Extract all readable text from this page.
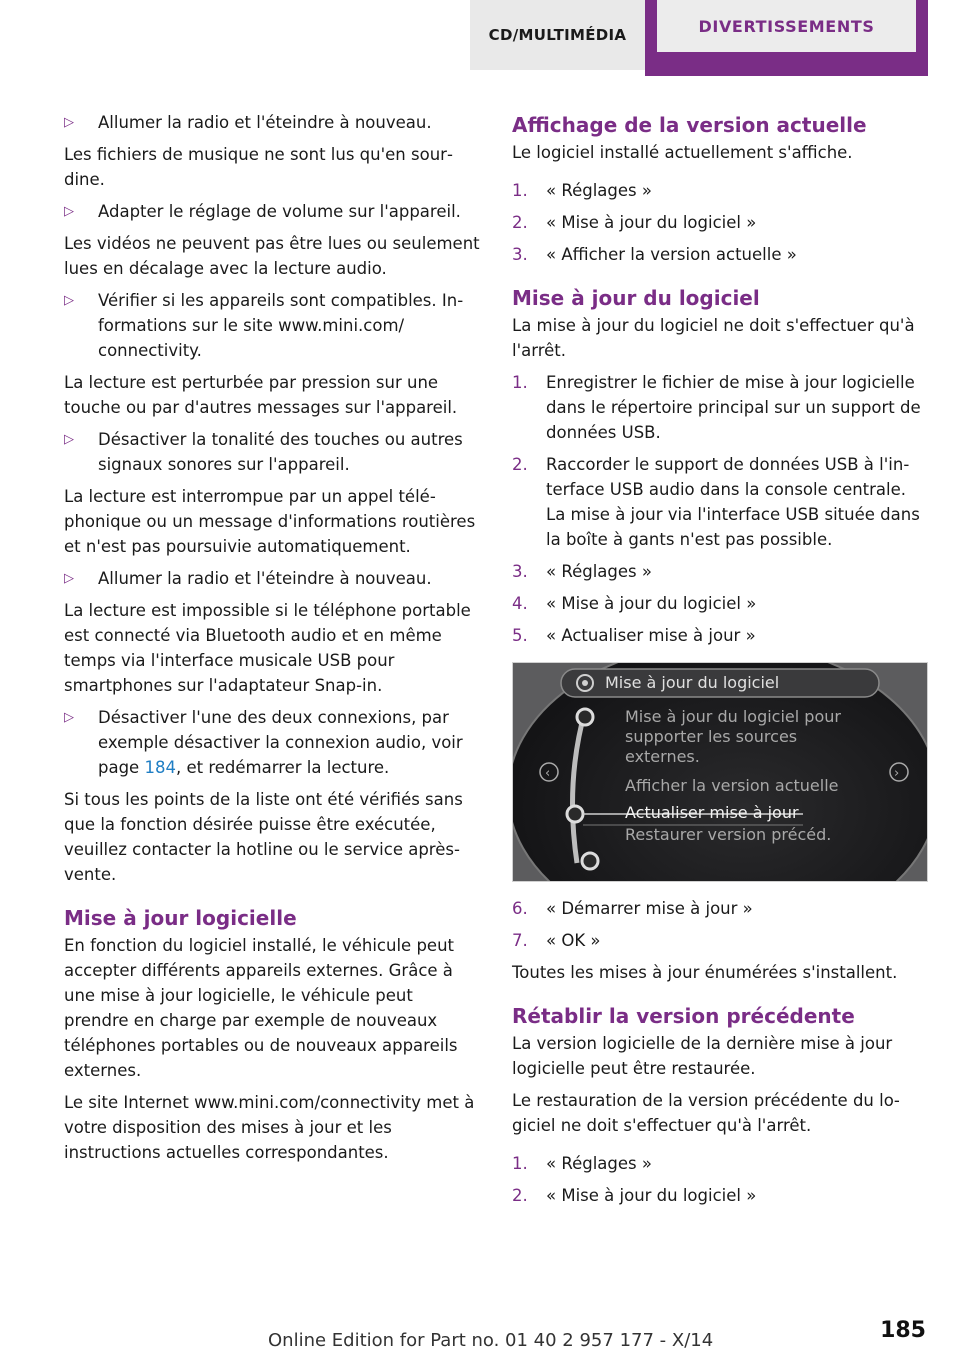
CD/MULTIMÉDIA	DIVERTISSEMENTS
▷ Allumer la radio et l'éteindre à nouveau.

Les fichiers de musique ne sont lus qu'en sourdine.

▷ Adapter le réglage de volume sur l'appareil.

Les vidéos ne peuvent pas être lues ou seulement lues en décalage avec la lecture audio.

▷ Vérifier si les appareils sont compatibles. Informations sur le site www.mini.com/ connectivity.

La lecture est perturbée par pression sur une touche ou par d'autres messages sur l'appareil.

▷ Désactiver la tonalité des touches ou autres signaux sonores sur l'appareil.

La lecture est interrompue par un appel téléphonique ou un message d'informations routières et n'est pas poursuivie automatiquement.

▷ Allumer la radio et l'éteindre à nouveau.

La lecture est impossible si le téléphone portable est connecté via Bluetooth audio et en même temps via l'interface musicale USB pour smartphones sur l'adaptateur Snap-in.

▷ Désactiver l'une des deux connexions, par exemple désactiver la connexion audio, voir page 184, et redémarrer la lecture.

Si tous les points de la liste ont été vérifiés sans que la fonction désirée puisse être exécutée, veuillez contacter la hotline ou le service après-vente.

Mise à jour logicielle

En fonction du logiciel installé, le véhicule peut accepter différents appareils externes. Grâce à une mise à jour logicielle, le véhicule peut prendre en charge par exemple de nouveaux téléphones portables ou de nouveaux appareils externes.

Le site Internet www.mini.com/connectivity met à votre disposition des mises à jour et les instructions actuelles correspondantes.

Affichage de la version actuelle

Le logiciel installé actuellement s'affiche.

1. « Réglages »
2. « Mise à jour du logiciel »
3. « Afficher la version actuelle »
Mise à jour du logiciel

La mise à jour du logiciel ne doit s'effectuer qu'à l'arrêt.

1. Enregistrer le fichier de mise à jour logicielle dans le répertoire principal sur un support de données USB.
2. Raccorder le support de données USB à l'interface USB audio dans la console centrale. La mise à jour via l'interface USB située dans la boîte à gants n'est pas possible.
3. « Réglages »
4. « Mise à jour du logiciel »
5. « Actualiser mise à jour »
‹	›
Mise à jour du logiciel
Mise à jour du logiciel pour
supporter les sources
externes.
Afficher la version actuelle
Actualiser mise à jour
Restaurer version précéd.
6. « Démarrer mise à jour »
7. « OK »

Toutes les mises à jour énumérées s'installent.

Rétablir la version précédente

La version logicielle de la dernière mise à jour logicielle peut être restaurée.

Le restauration de la version précédente du logiciel ne doit s'effectuer qu'à l'arrêt.

1. « Réglages »
2. « Mise à jour du logiciel »
Online Edition for Part no. 01 40 2 957 177 - X/14	185
